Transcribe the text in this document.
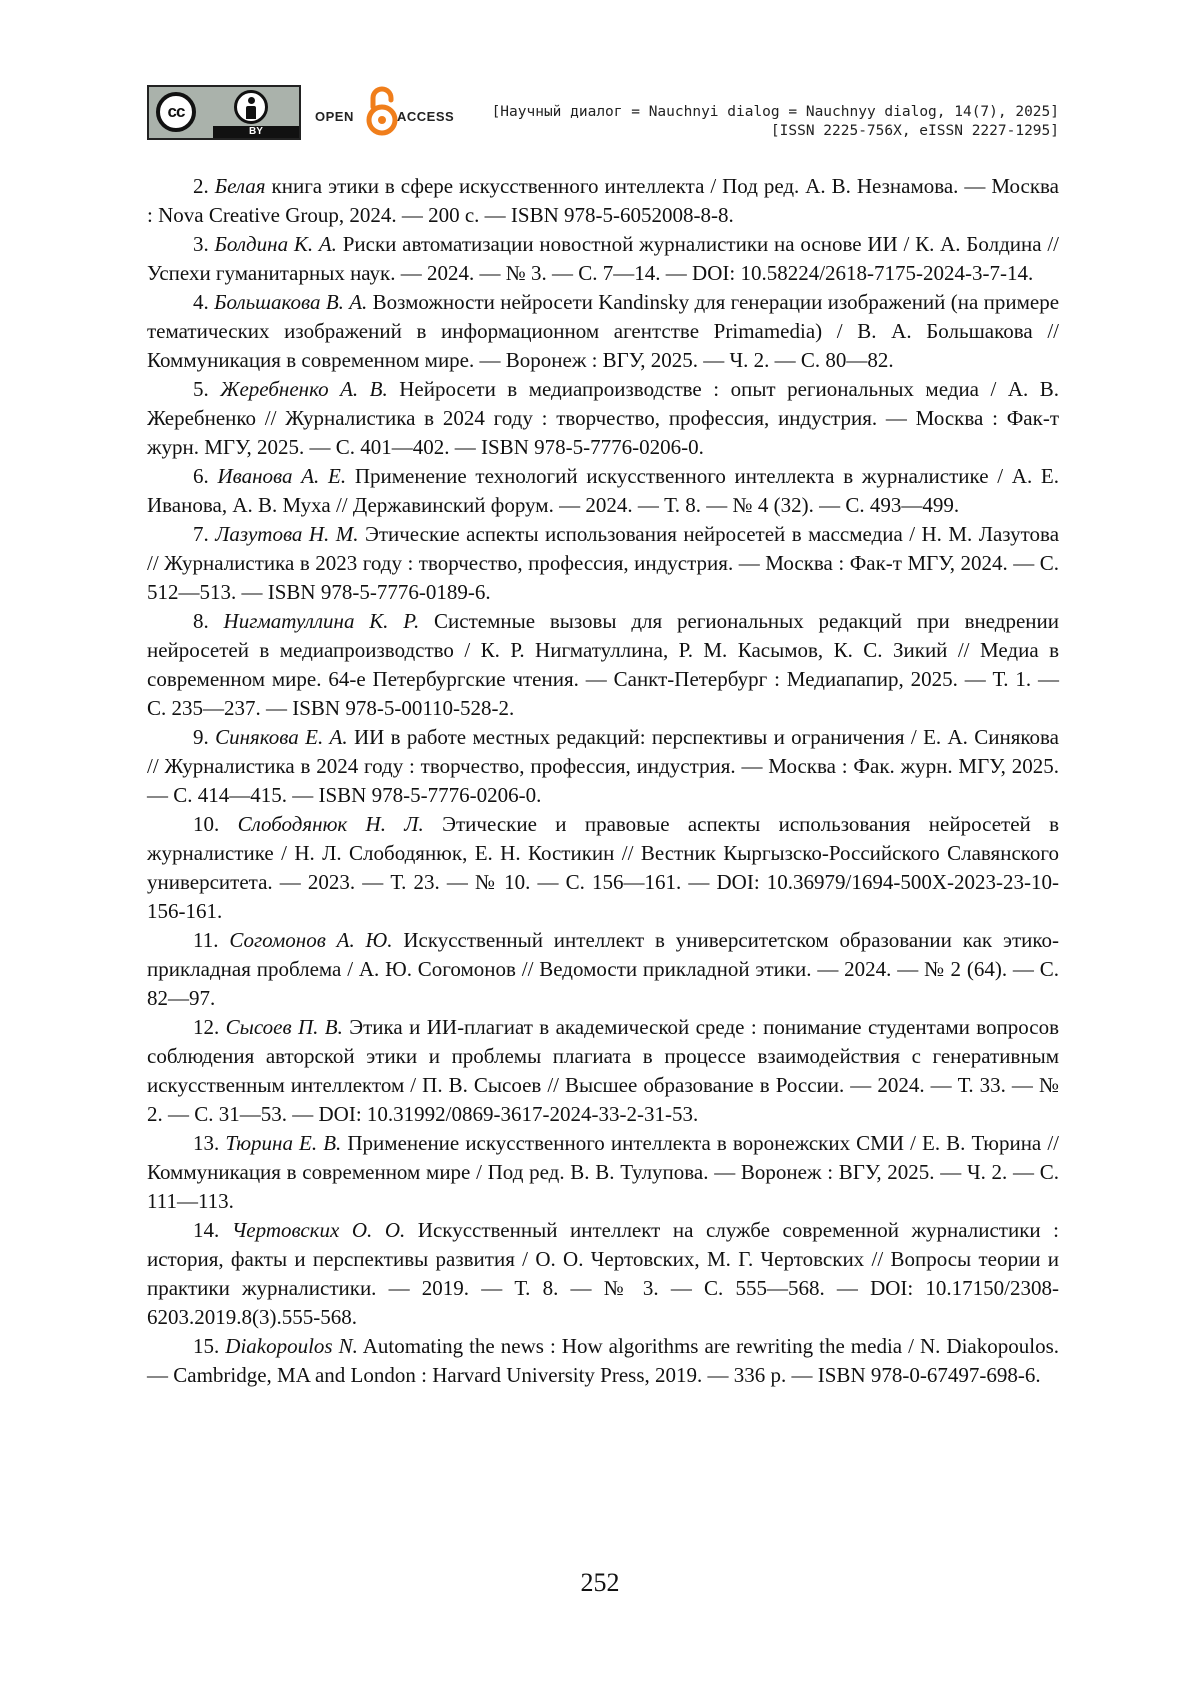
cc
BY
OPEN	ACCESS	[Научный диалог = Nauchnyi dialog = Nauchnyy dialog, 14(7), 2025]
[ISSN 2225-756X, eISSN 2227-1295]
2. Белая книга этики в сфере искусственного интеллекта / Под ред. А. В. Незнамова. — Москва : Nova Creative Group, 2024. — 200 с. — ISBN 978-5-6052008-8-8.
3. Болдина К. А. Риски автоматизации новостной журналистики на основе ИИ / К. А. Болдина // Успехи гуманитарных наук. — 2024. — № 3. — С. 7—14. — DOI: 10.58224/2618-7175-2024-3-7-14.
4. Большакова В. А. Возможности нейросети Kandinsky для генерации изображений (на примере тематических изображений в информационном агентстве Primamedia) / В. А. Большакова // Коммуникация в современном мире. — Воронеж : ВГУ, 2025. — Ч. 2. — С. 80—82.
5. Жеребненко А. В. Нейросети в медиапроизводстве : опыт региональных медиа / А. В. Жеребненко // Журналистика в 2024 году : творчество, профессия, индустрия. — Москва : Фак-т журн. МГУ, 2025. — С. 401—402. — ISBN 978-5-7776-0206-0.
6. Иванова А. Е. Применение технологий искусственного интеллекта в журналистике / А. Е. Иванова, А. В. Муха // Державинский форум. — 2024. — Т. 8. — № 4 (32). — С. 493—499.
7. Лазутова Н. М. Этические аспекты использования нейросетей в массмедиа / Н. М. Лазутова // Журналистика в 2023 году : творчество, профессия, индустрия. — Москва : Фак-т МГУ, 2024. — С. 512—513. — ISBN 978-5-7776-0189-6.
8. Нигматуллина К. Р. Системные вызовы для региональных редакций при внедрении нейросетей в медиапроизводство / К. Р. Нигматуллина, Р. М. Касымов, К. С. Зикий // Медиа в современном мире. 64-е Петербургские чтения. — Санкт-Петербург : Медиапапир, 2025. — Т. 1. — С. 235—237. — ISBN 978-5-00110-528-2.
9. Синякова Е. А. ИИ в работе местных редакций: перспективы и ограничения / Е. А. Синякова // Журналистика в 2024 году : творчество, профессия, индустрия. — Москва : Фак. журн. МГУ, 2025. — С. 414—415. — ISBN 978-5-7776-0206-0.
10. Слободянюк Н. Л. Этические и правовые аспекты использования нейросетей в журналистике / Н. Л. Слободянюк, Е. Н. Костикин // Вестник Кыргызско-Российского Славянского университета. — 2023. — Т. 23. — № 10. — С. 156—161. — DOI: 10.36979/1694-500X-2023-23-10-156-161.
11. Согомонов А. Ю. Искусственный интеллект в университетском образовании как этико-прикладная проблема / А. Ю. Согомонов // Ведомости прикладной этики. — 2024. — № 2 (64). — С. 82—97.
12. Сысоев П. В. Этика и ИИ-плагиат в академической среде : понимание студентами вопросов соблюдения авторской этики и проблемы плагиата в процессе взаимодействия с генеративным искусственным интеллектом / П. В. Сысоев // Высшее образование в России. — 2024. — Т. 33. — № 2. — С. 31—53. — DOI: 10.31992/0869-3617-2024-33-2-31-53.
13. Тюрина Е. В. Применение искусственного интеллекта в воронежских СМИ / Е. В. Тюрина // Коммуникация в современном мире / Под ред. В. В. Тулупова. — Воронеж : ВГУ, 2025. — Ч. 2. — С. 111—113.
14. Чертовских О. О. Искусственный интеллект на службе современной журналистики : история, факты и перспективы развития / О. О. Чертовских, М. Г. Чертовских // Вопросы теории и практики журналистики. — 2019. — Т. 8. — № 3. — С. 555—568. — DOI: 10.17150/2308-6203.2019.8(3).555-568.
15. Diakopoulos N. Automating the news : How algorithms are rewriting the media / N. Diakopoulos. — Cambridge, MA and London : Harvard University Press, 2019. — 336 p. — ISBN 978-0-67497-698-6.
252
